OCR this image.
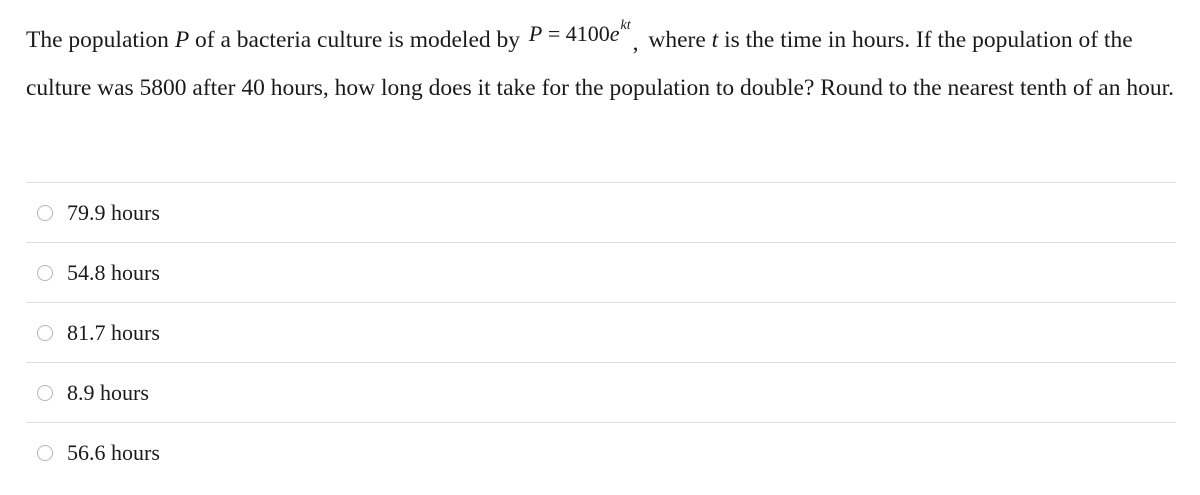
The population P of a bacteria culture is modeled by $P = 4100e^{kt}$, where t is the time in hours. If the population of the culture was 5800 after 40 hours, how long does it take for the population to double? Round to the nearest tenth of an hour.
79.9 hours
54.8 hours
81.7 hours
8.9 hours
56.6 hours
